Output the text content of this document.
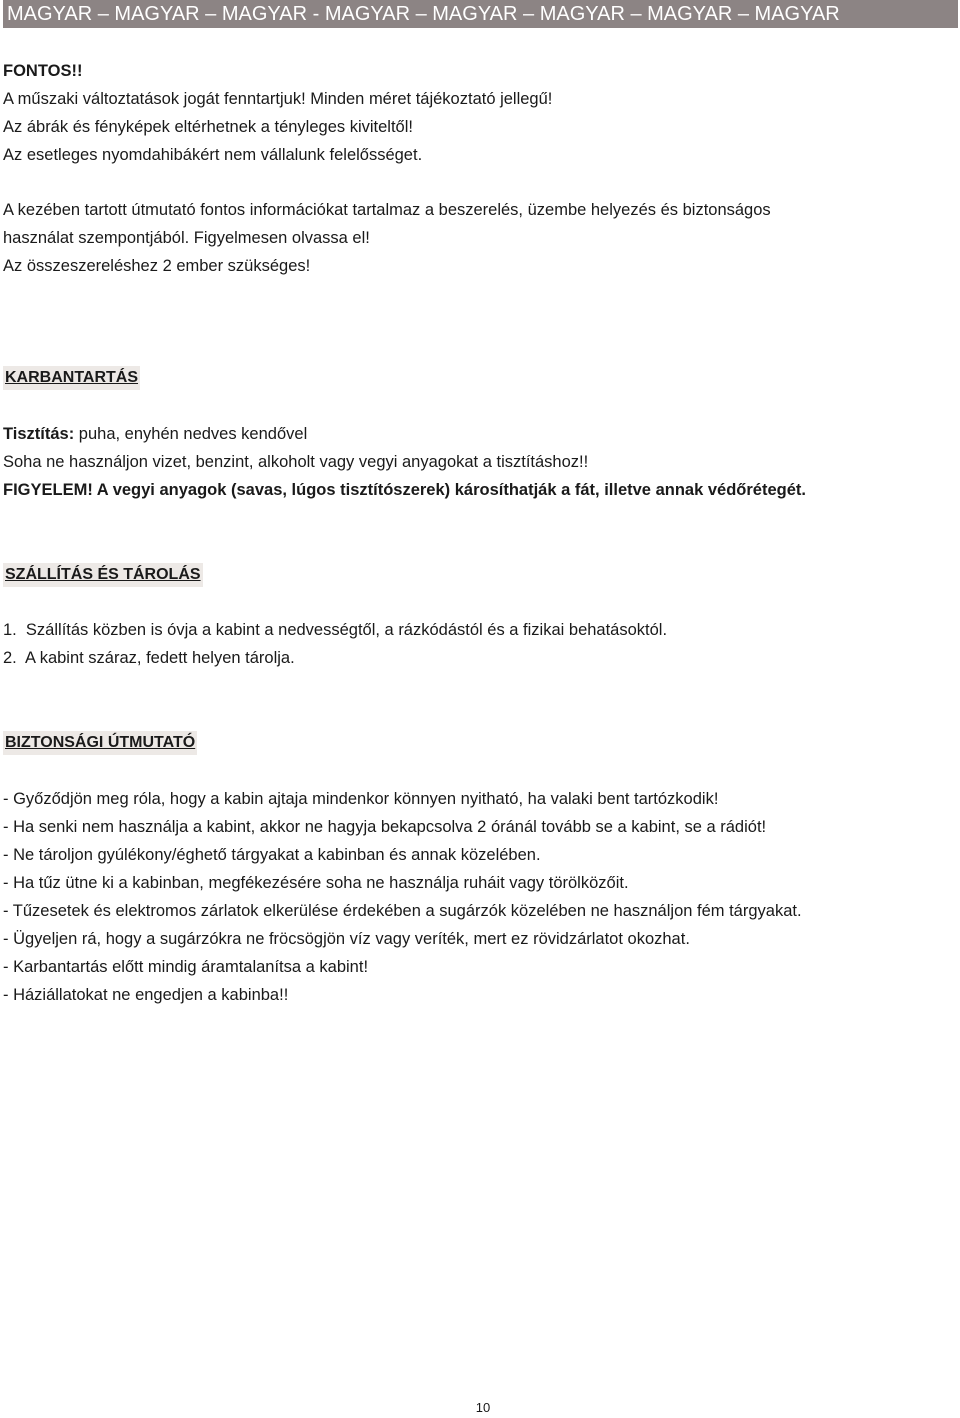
MAGYAR – MAGYAR – MAGYAR - MAGYAR – MAGYAR – MAGYAR – MAGYAR – MAGYAR

FONTOS!!

A műszaki változtatások jogát fenntartjuk! Minden méret tájékoztató jellegű!

Az ábrák és fényképek eltérhetnek a tényleges kiviteltől!

Az esetleges nyomdahibákért nem vállalunk felelősséget.

A kezében tartott útmutató fontos információkat tartalmaz a beszerelés, üzembe helyezés és biztonságos

használat szempontjából. Figyelmesen olvassa el!

Az összeszereléshez 2 ember szükséges!

KARBANTARTÁS

Tisztítás: puha, enyhén nedves kendővel

Soha ne használjon vizet, benzint, alkoholt vagy vegyi anyagokat a tisztításhoz!!

FIGYELEM! A vegyi anyagok (savas, lúgos tisztítószerek) károsíthatják a fát, illetve annak védőrétegét.

SZÁLLÍTÁS ÉS TÁROLÁS

1.  Szállítás közben is óvja a kabint a nedvességtől, a rázkódástól és a fizikai behatásoktól.

2.  A kabint száraz, fedett helyen tárolja.

BIZTONSÁGI ÚTMUTATÓ

- Győződjön meg róla, hogy a kabin ajtaja mindenkor könnyen nyitható, ha valaki bent tartózkodik!

- Ha senki nem használja a kabint, akkor ne hagyja bekapcsolva 2 óránál tovább se a kabint, se a rádiót!

- Ne tároljon gyúlékony/éghető tárgyakat a kabinban és annak közelében.

- Ha tűz ütne ki a kabinban, megfékezésére soha ne használja ruháit vagy törölközőit.

- Tűzesetek és elektromos zárlatok elkerülése érdekében a sugárzók közelében ne használjon fém tárgyakat.

- Ügyeljen rá, hogy a sugárzókra ne fröcsögjön víz vagy veríték, mert ez rövidzárlatot okozhat.

- Karbantartás előtt mindig áramtalanítsa a kabint!

- Háziállatokat ne engedjen a kabinba!!

10
